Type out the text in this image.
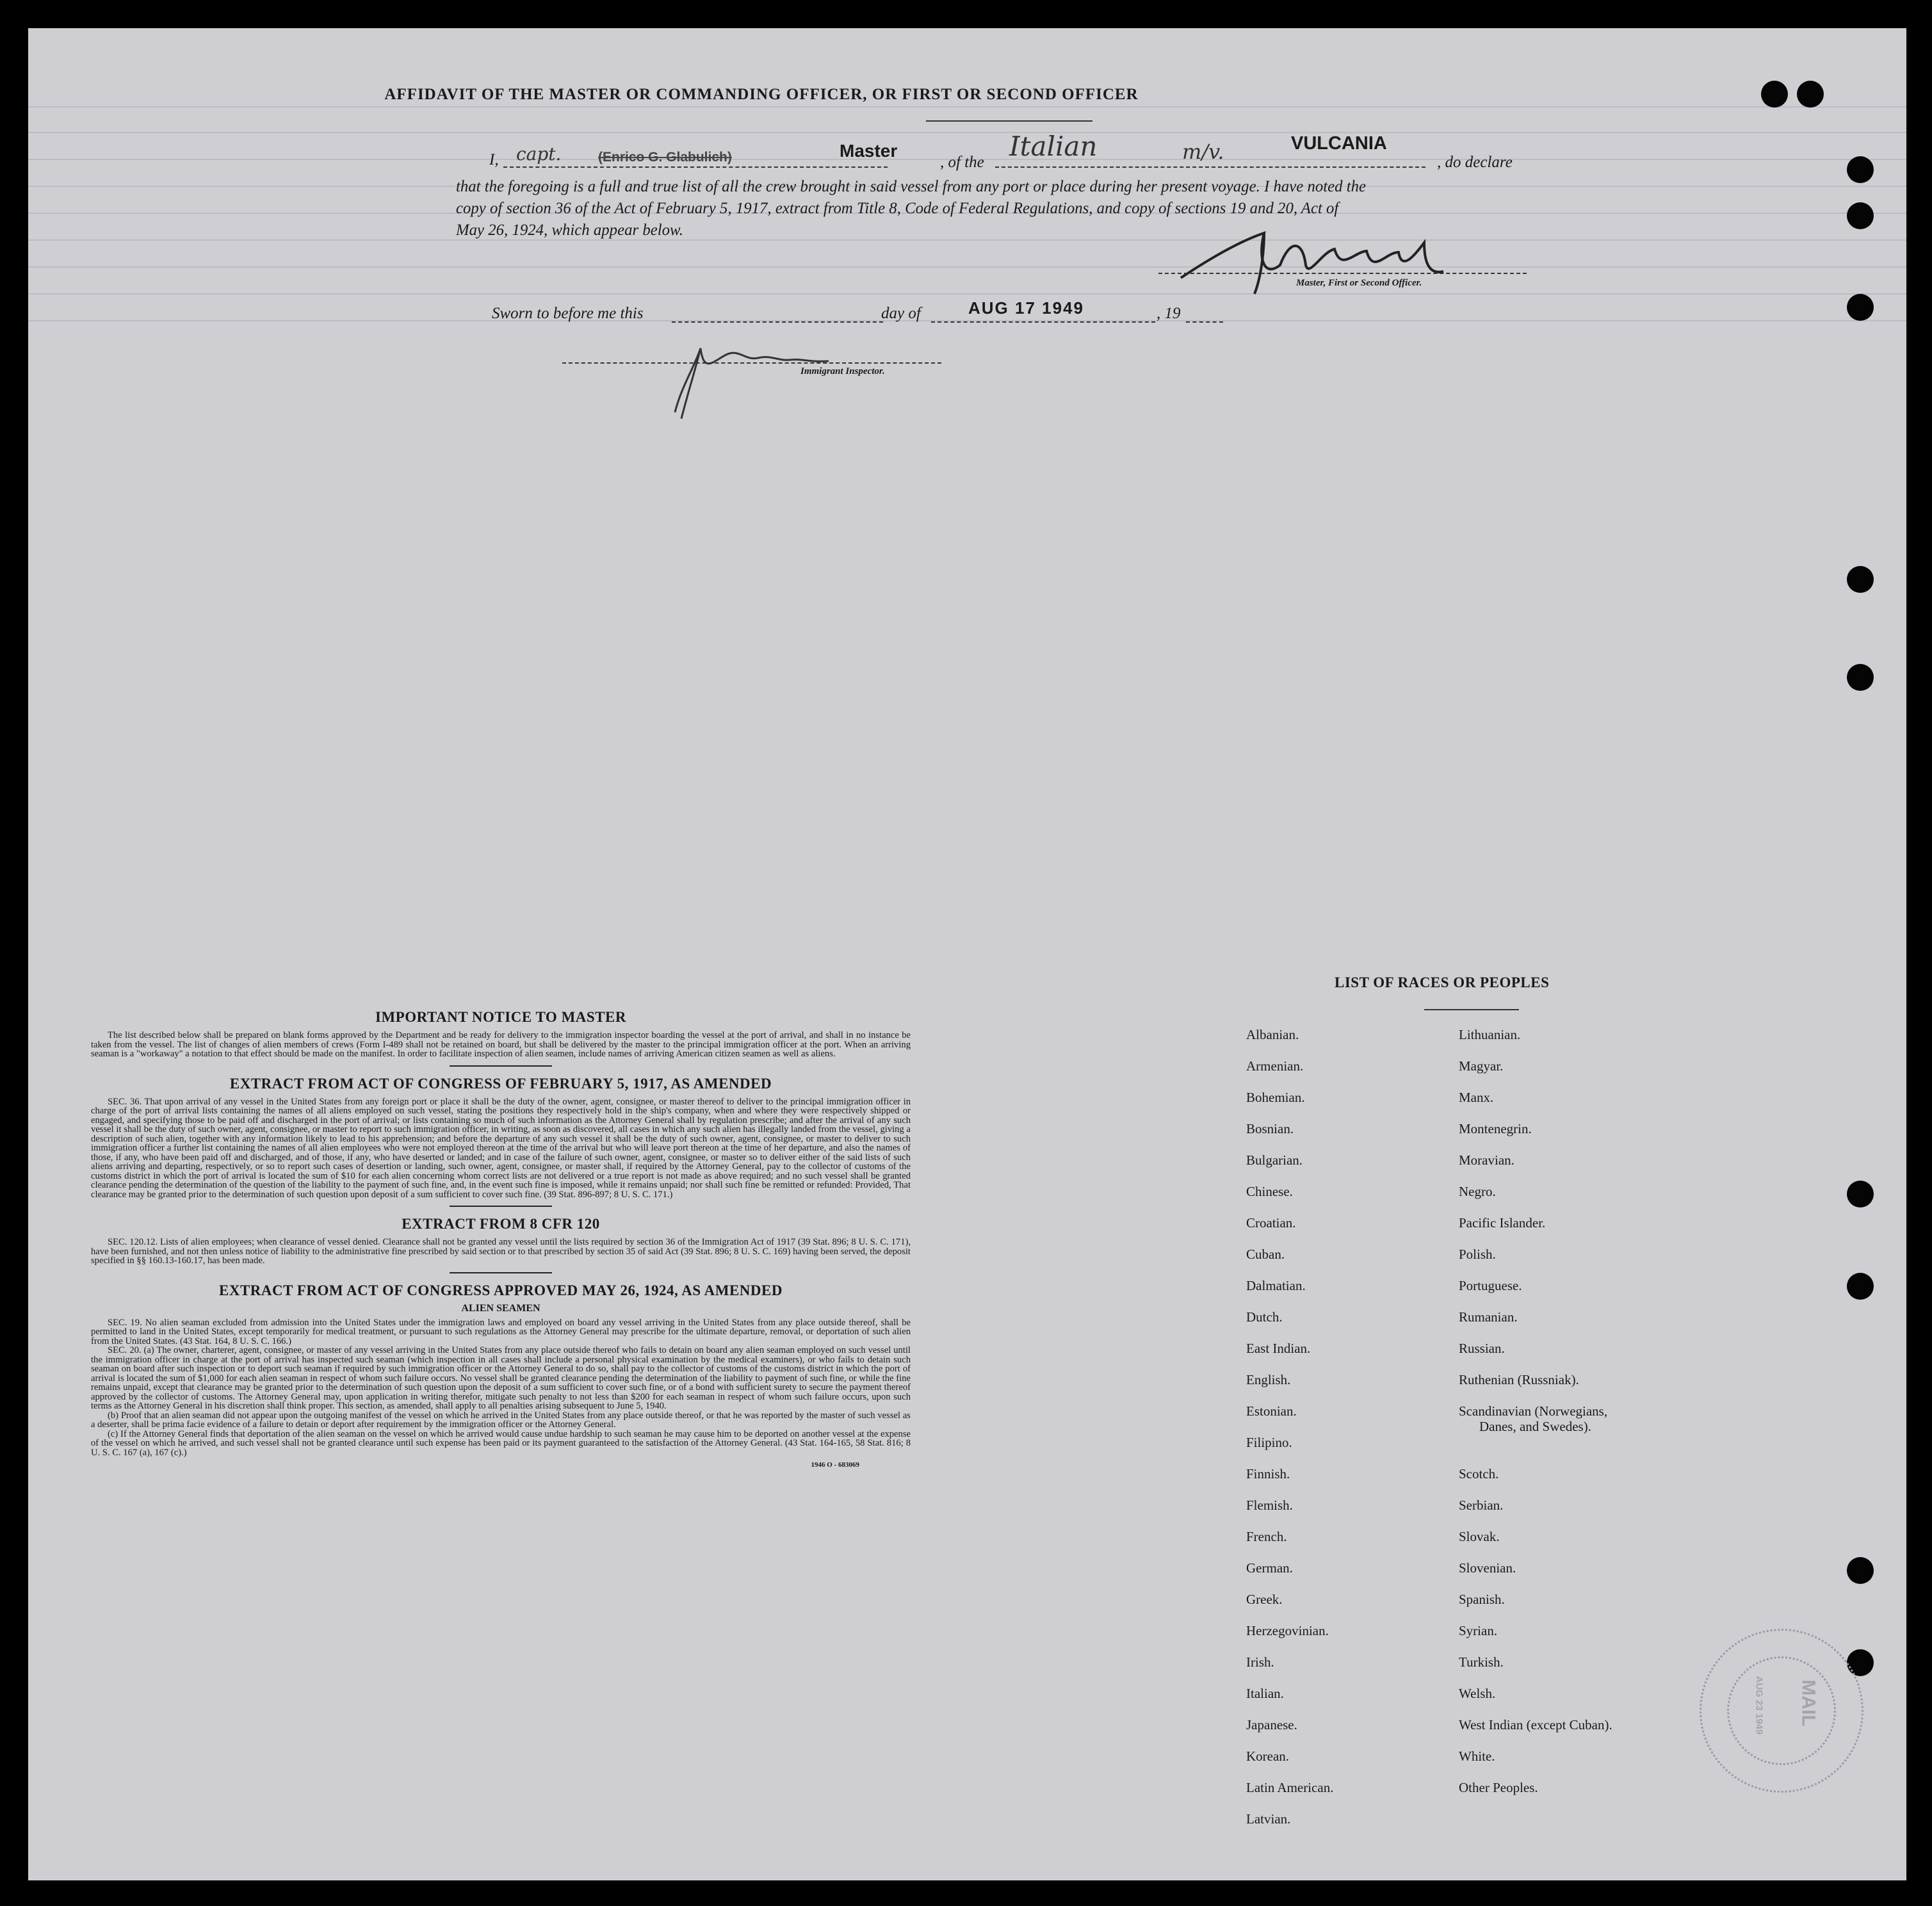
AFFIDAVIT OF THE MASTER OR COMMANDING OFFICER, OR FIRST OR SECOND OFFICER
I, capt.	(Enrico G. Glabulich)	Master
, of the
Italian	m/v.	VULCANIA
, do declare
that the foregoing is a full and true list of all the crew brought in said vessel from any port or place during her present voyage. I have noted the
copy of section 36 of the Act of February 5, 1917, extract from Title 8, Code of Federal Regulations, and copy of sections 19 and 20, Act of
May 26, 1924, which appear below.
Master, First or Second Officer.
Sworn to before me this	day of	AUG 17 1949	, 19
Immigrant Inspector.
IMPORTANT NOTICE TO MASTER

The list described below shall be prepared on blank forms approved by the Department and be ready for delivery to the immigration inspector boarding the vessel at the port of arrival, and shall in no instance be taken from the vessel. The list of changes of alien members of crews (Form I-489 shall not be retained on board, but shall be delivered by the master to the principal immigration officer at the port. When an arriving seaman is a "workaway" a notation to that effect should be made on the manifest. In order to facilitate inspection of alien seamen, include names of arriving American citizen seamen as well as aliens.

EXTRACT FROM ACT OF CONGRESS OF FEBRUARY 5, 1917, AS AMENDED

SEC. 36. That upon arrival of any vessel in the United States from any foreign port or place it shall be the duty of the owner, agent, consignee, or master thereof to deliver to the principal immigration officer in charge of the port of arrival lists containing the names of all aliens employed on such vessel, stating the positions they respectively hold in the ship's company, when and where they were respectively shipped or engaged, and specifying those to be paid off and discharged in the port of arrival; or lists containing so much of such information as the Attorney General shall by regulation prescribe; and after the arrival of any such vessel it shall be the duty of such owner, agent, consignee, or master to report to such immigration officer, in writing, as soon as discovered, all cases in which any such alien has illegally landed from the vessel, giving a description of such alien, together with any information likely to lead to his apprehension; and before the departure of any such vessel it shall be the duty of such owner, agent, consignee, or master to deliver to such immigration officer a further list containing the names of all alien employees who were not employed thereon at the time of the arrival but who will leave port thereon at the time of her departure, and also the names of those, if any, who have been paid off and discharged, and of those, if any, who have deserted or landed; and in case of the failure of such owner, agent, consignee, or master so to deliver either of the said lists of such aliens arriving and departing, respectively, or so to report such cases of desertion or landing, such owner, agent, consignee, or master shall, if required by the Attorney General, pay to the collector of customs of the customs district in which the port of arrival is located the sum of $10 for each alien concerning whom correct lists are not delivered or a true report is not made as above required; and no such vessel shall be granted clearance pending the determination of the question of the liability to the payment of such fine, and, in the event such fine is imposed, while it remains unpaid; nor shall such fine be remitted or refunded: Provided, That clearance may be granted prior to the determination of such question upon deposit of a sum sufficient to cover such fine. (39 Stat. 896-897; 8 U. S. C. 171.)

EXTRACT FROM 8 CFR 120

SEC. 120.12. Lists of alien employees; when clearance of vessel denied. Clearance shall not be granted any vessel until the lists required by section 36 of the Immigration Act of 1917 (39 Stat. 896; 8 U. S. C. 171), have been furnished, and not then unless notice of liability to the administrative fine prescribed by said section or to that prescribed by section 35 of said Act (39 Stat. 896; 8 U. S. C. 169) having been served, the deposit specified in §§ 160.13-160.17, has been made.

EXTRACT FROM ACT OF CONGRESS APPROVED MAY 26, 1924, AS AMENDED
ALIEN SEAMEN

SEC. 19. No alien seaman excluded from admission into the United States under the immigration laws and employed on board any vessel arriving in the United States from any place outside thereof, shall be permitted to land in the United States, except temporarily for medical treatment, or pursuant to such regulations as the Attorney General may prescribe for the ultimate departure, removal, or deportation of such alien from the United States. (43 Stat. 164, 8 U. S. C. 166.)

SEC. 20. (a) The owner, charterer, agent, consignee, or master of any vessel arriving in the United States from any place outside thereof who fails to detain on board any alien seaman employed on such vessel until the immigration officer in charge at the port of arrival has inspected such seaman (which inspection in all cases shall include a personal physical examination by the medical examiners), or who fails to detain such seaman on board after such inspection or to deport such seaman if required by such immigration officer or the Attorney General to do so, shall pay to the collector of customs of the customs district in which the port of arrival is located the sum of $1,000 for each alien seaman in respect of whom such failure occurs. No vessel shall be granted clearance pending the determination of the liability to payment of such fine, or while the fine remains unpaid, except that clearance may be granted prior to the determination of such question upon the deposit of a sum sufficient to cover such fine, or of a bond with sufficient surety to secure the payment thereof approved by the collector of customs. The Attorney General may, upon application in writing therefor, mitigate such penalty to not less than $200 for each seaman in respect of whom such failure occurs, upon such terms as the Attorney General in his discretion shall think proper. This section, as amended, shall apply to all penalties arising subsequent to June 5, 1940.

(b) Proof that an alien seaman did not appear upon the outgoing manifest of the vessel on which he arrived in the United States from any place outside thereof, or that he was reported by the master of such vessel as a deserter, shall be prima facie evidence of a failure to detain or deport after requirement by the immigration officer or the Attorney General.

(c) If the Attorney General finds that deportation of the alien seaman on the vessel on which he arrived would cause undue hardship to such seaman he may cause him to be deported on another vessel at the expense of the vessel on which he arrived, and such vessel shall not be granted clearance until such expense has been paid or its payment guaranteed to the satisfaction of the Attorney General. (43 Stat. 164-165, 58 Stat. 816; 8 U. S. C. 167 (a), 167 (c).)

1946 O - 683069
LIST OF RACES OR PEOPLES
Albanian.
Armenian.
Bohemian.
Bosnian.
Bulgarian.
Chinese.
Croatian.
Cuban.
Dalmatian.
Dutch.
East Indian.
English.
Estonian.
Filipino.
Finnish.
Flemish.
French.
German.
Greek.
Herzegovinian.
Irish.
Italian.
Japanese.
Korean.
Latin American.
Latvian.
Lithuanian.
Magyar.
Manx.
Montenegrin.
Moravian.
Negro.
Pacific Islander.
Polish.
Portuguese.
Rumanian.
Russian.
Ruthenian (Russniak).
Scandinavian (Norwegians,
Danes, and Swedes).
Scotch.
Serbian.
Slovak.
Slovenian.
Spanish.
Syrian.
Turkish.
Welsh.
West Indian (except Cuban).
White.
Other Peoples.
MAIL
AUG 23 1949
